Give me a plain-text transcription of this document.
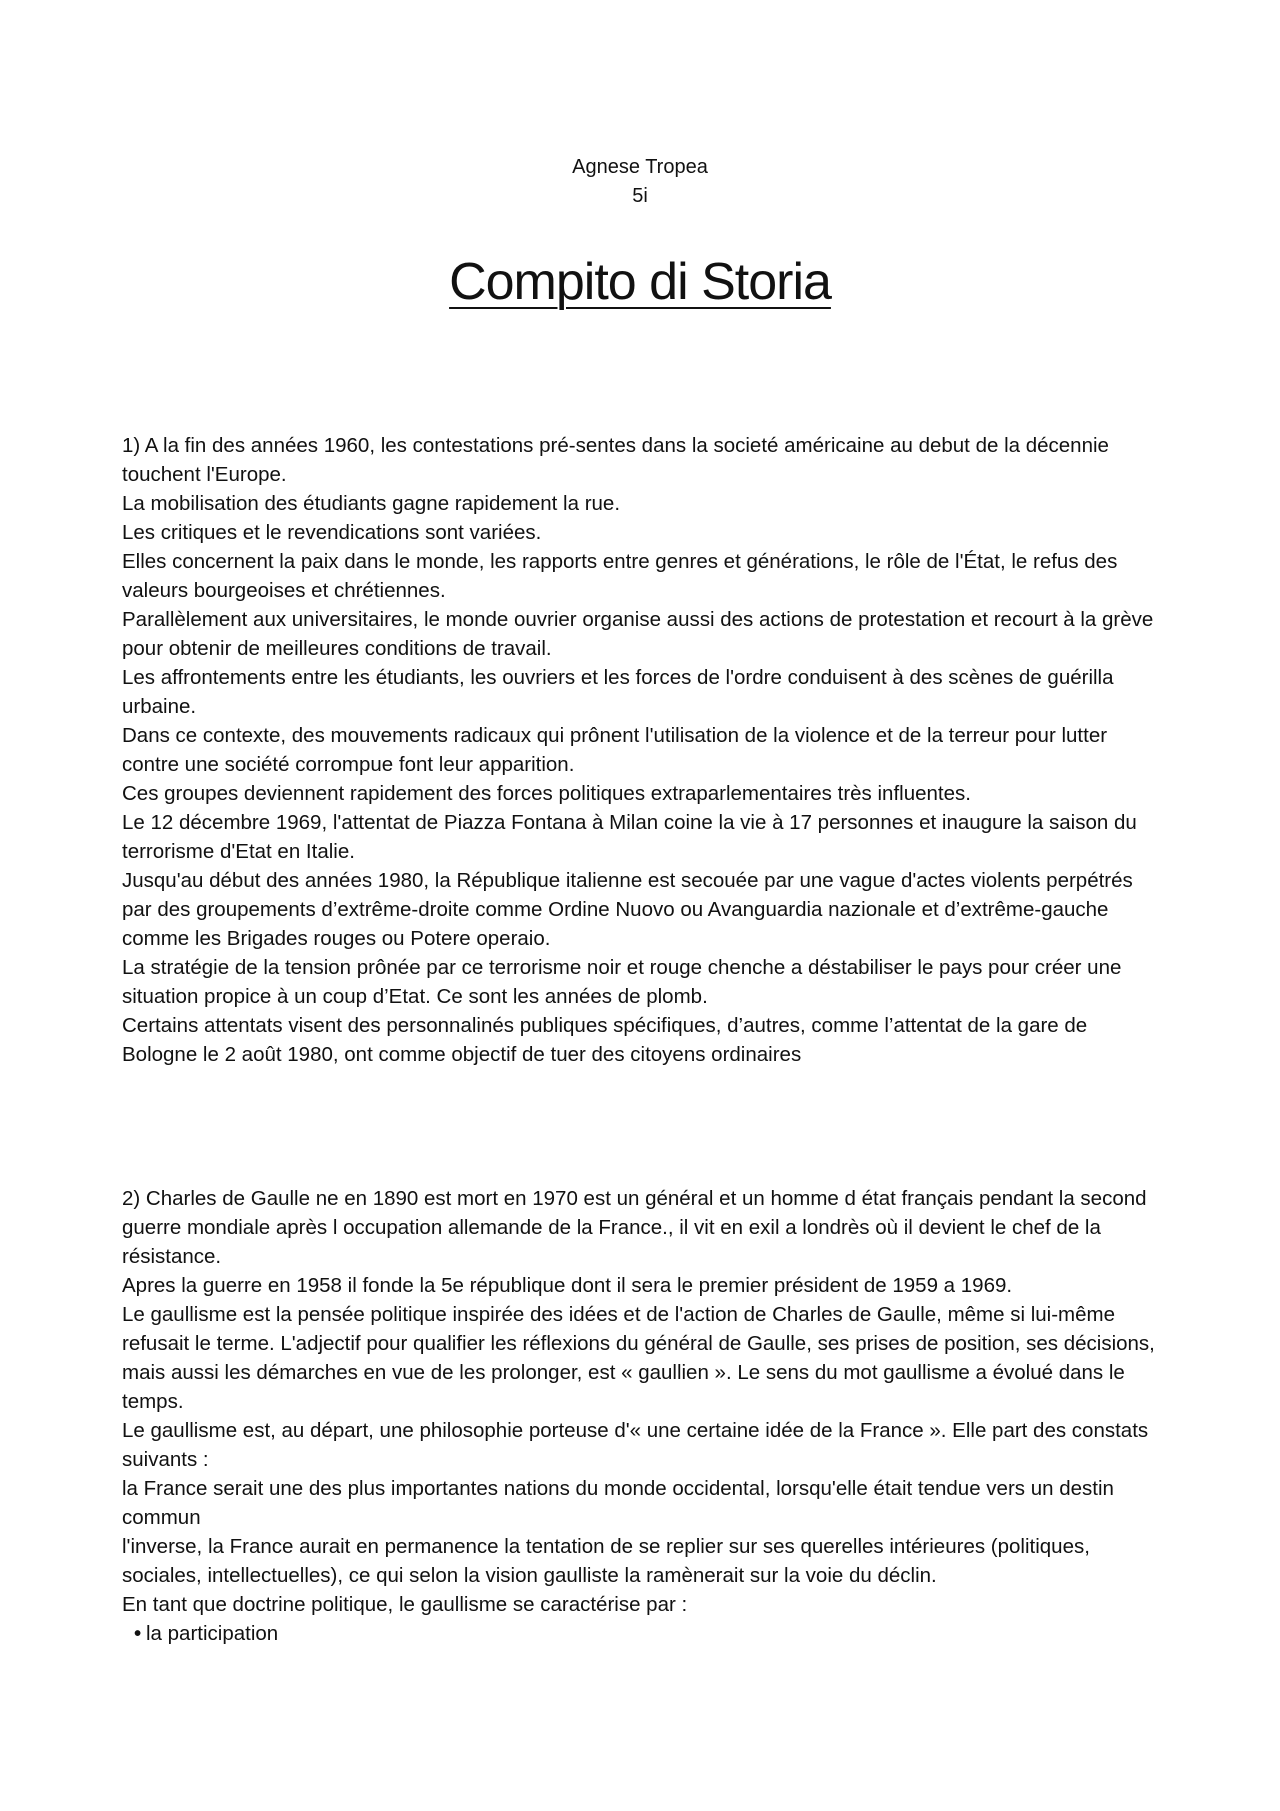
Agnese Tropea
5i
Compito di Storia

1) A la fin des années 1960, les contestations pré-sentes dans la societé américaine au debut de la décennie touchent l'Europe.

La mobilisation des étudiants gagne rapidement la rue.

Les critiques et le revendications sont variées.

Elles concernent la paix dans le monde, les rapports entre genres et générations, le rôle de l'État, le refus des valeurs bourgeoises et chrétiennes.

Parallèlement aux universitaires, le monde ouvrier organise aussi des actions de protestation et recourt à la grève pour obtenir de meilleures conditions de travail.

Les affrontements entre les étudiants, les ouvriers et les forces de l'ordre conduisent à des scènes de guérilla urbaine.

Dans ce contexte, des mouvements radicaux qui prônent l'utilisation de la violence et de la terreur pour lutter contre une société corrompue font leur apparition.

Ces groupes deviennent rapidement des forces politiques extraparlementaires très influentes.

Le 12 décembre 1969, l'attentat de Piazza Fontana à Milan coine la vie à 17 personnes et inaugure la saison du terrorisme d'Etat en Italie.

Jusqu'au début des années 1980, la République italienne est secouée par une vague d'actes violents perpétrés par des groupements d’extrême-droite comme Ordine Nuovo ou Avanguardia nazionale et d’extrême-gauche comme les Brigades rouges ou Potere operaio.

La stratégie de la tension prônée par ce terrorisme noir et rouge chenche a déstabiliser le pays pour créer une situation propice à un coup d’Etat. Ce sont les années de plomb.

Certains attentats visent des personnalinés publiques spécifiques, d’autres, comme l’attentat de la gare de Bologne le 2 août 1980, ont comme objectif de tuer des citoyens ordinaires

2) Charles de Gaulle ne en 1890 est mort en 1970 est un général et un homme d état français pendant la second guerre mondiale après l occupation allemande de la France., il vit en exil a londrès où il devient le chef de la résistance.

Apres la guerre en 1958 il fonde la 5e république dont il sera le premier président de 1959 a 1969.

Le gaullisme est la pensée politique inspirée des idées et de l'action de Charles de Gaulle, même si lui-même refusait le terme. L'adjectif pour qualifier les réflexions du général de Gaulle, ses prises de position, ses décisions, mais aussi les démarches en vue de les prolonger, est « gaullien ». Le sens du mot gaullisme a évolué dans le temps.

Le gaullisme est, au départ, une philosophie porteuse d'« une certaine idée de la France ». Elle part des constats suivants :

la France serait une des plus importantes nations du monde occidental, lorsqu'elle était tendue vers un destin commun

l'inverse, la France aurait en permanence la tentation de se replier sur ses querelles intérieures (politiques, sociales, intellectuelles), ce qui selon la vision gaulliste la ramènerait sur la voie du déclin.

En tant que doctrine politique, le gaullisme se caractérise par :

• la participation
